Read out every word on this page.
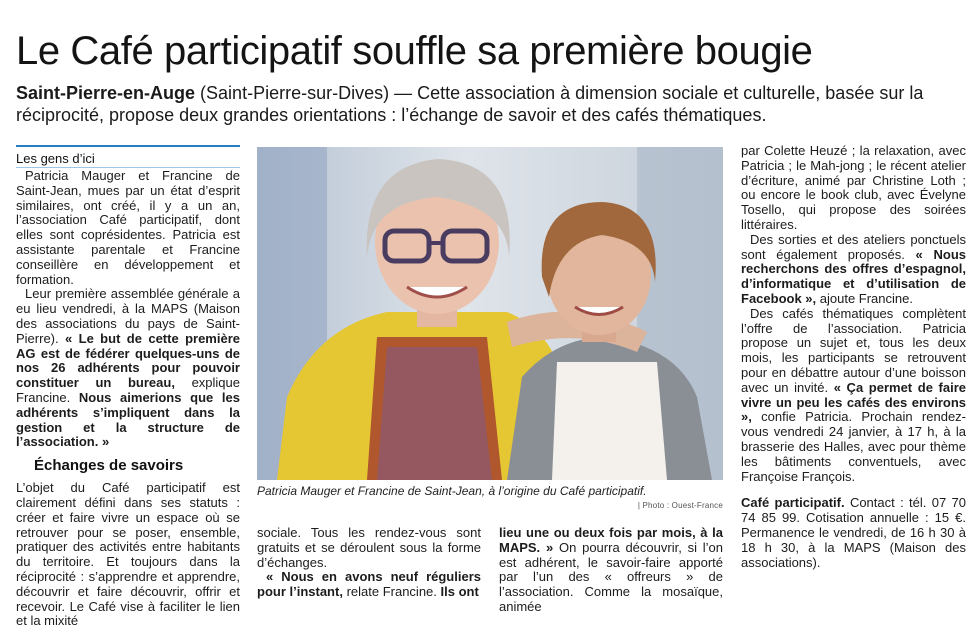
Le Café participatif souffle sa première bougie
Saint-Pierre-en-Auge (Saint-Pierre-sur-Dives) — Cette association à dimension sociale et culturelle, basée sur la réciprocité, propose deux grandes orientations : l’échange de savoir et des cafés thématiques.
Les gens d’ici

Patricia Mauger et Francine de Saint-Jean, mues par un état d’esprit similaires, ont créé, il y a un an, l’association Café participatif, dont elles sont coprésidentes. Patricia est assistante parentale et Francine conseillère en développement et formation.

Leur première assemblée générale a eu lieu vendredi, à la MAPS (Maison des associations du pays de Saint-Pierre). « Le but de cette première AG est de fédérer quelques-uns de nos 26 adhérents pour pouvoir constituer un bureau, explique Francine. Nous aimerions que les adhérents s’impliquent dans la gestion et la structure de l’association. »

Échanges de savoirs

L’objet du Café participatif est clairement défini dans ses statuts : créer et faire vivre un espace où se retrouver pour se poser, ensemble, pratiquer des activités entre habitants du territoire. Et toujours dans la réciprocité : s’apprendre et apprendre, découvrir et faire découvrir, offrir et recevoir. Le Café vise à faciliter le lien et la mixité

Patricia Mauger et Francine de Saint-Jean, à l’origine du Café participatif.
| Photo : Ouest-France

sociale. Tous les rendez-vous sont gratuits et se déroulent sous la forme d’échanges.

« Nous en avons neuf réguliers pour l’instant, relate Francine. Ils ont

lieu une ou deux fois par mois, à la MAPS. » On pourra découvrir, si l’on est adhérent, le savoir-faire apporté par l’un des « offreurs » de l’association. Comme la mosaïque, animée

par Colette Heuzé ; la relaxation, avec Patricia ; le Mah-jong ; le récent atelier d’écriture, animé par Christine Loth ; ou encore le book club, avec Évelyne Tosello, qui propose des soirées littéraires.

Des sorties et des ateliers ponctuels sont également proposés. « Nous recherchons des offres d’espagnol, d’informatique et d’utilisation de Facebook », ajoute Francine.

Des cafés thématiques complètent l’offre de l’association. Patricia propose un sujet et, tous les deux mois, les participants se retrouvent pour en débattre autour d’une boisson avec un invité. « Ça permet de faire vivre un peu les cafés des environs », confie Patricia. Prochain rendez-vous vendredi 24 janvier, à 17 h, à la brasserie des Halles, avec pour thème les bâtiments conventuels, avec Françoise François.

Café participatif. Contact : tél. 07 70 74 85 99. Cotisation annuelle : 15 €. Permanence le vendredi, de 16 h 30 à 18 h 30, à la MAPS (Maison des associations).
